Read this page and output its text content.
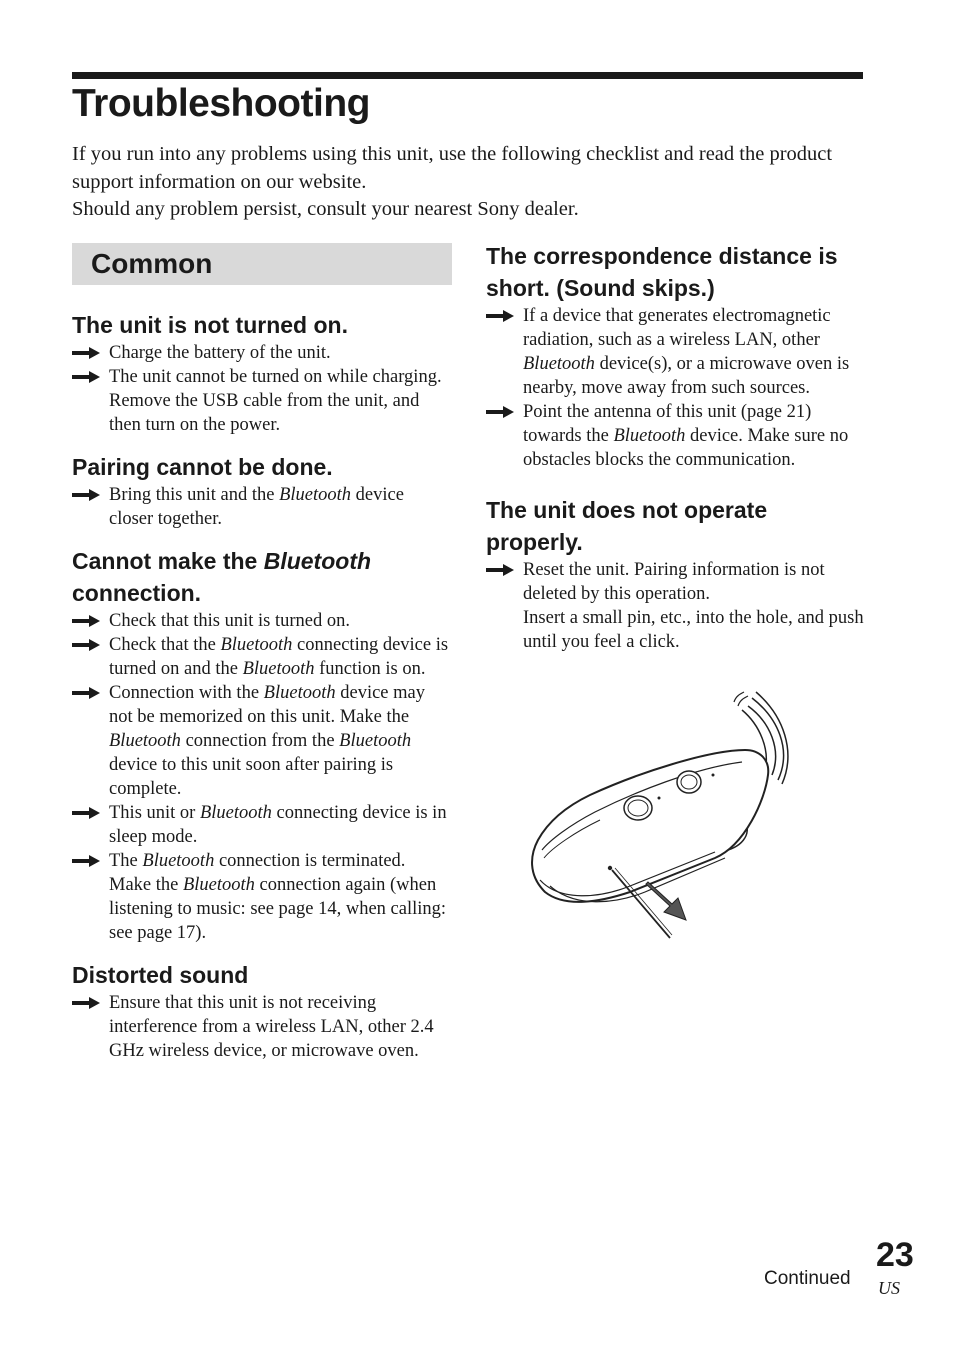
Troubleshooting

If you run into any problems using this unit, use the following checklist and read the product support information on our website.

Should any problem persist, consult your nearest Sony dealer.

Common
The unit is not turned on.
Charge the battery of the unit.
The unit cannot be turned on while charging. Remove the USB cable from the unit, and then turn on the power.
Pairing cannot be done.
Bring this unit and the Bluetooth device closer together.
Cannot make the Bluetooth connection.
Check that this unit is turned on.
Check that the Bluetooth connecting device is turned on and the Bluetooth function is on.
Connection with the Bluetooth device may not be memorized on this unit. Make the Bluetooth connection from the Bluetooth device to this unit soon after pairing is complete.
This unit or Bluetooth connecting device is in sleep mode.
The Bluetooth connection is terminated. Make the Bluetooth connection again (when listening to music: see page 14, when calling: see page 17).
Distorted sound
Ensure that this unit is not receiving interference from a wireless LAN, other 2.4 GHz wireless device, or microwave oven.
The correspondence distance is short. (Sound skips.)
If a device that generates electromagnetic radiation, such as a wireless LAN, other Bluetooth device(s), or a microwave oven is nearby, move away from such sources.
Point the antenna of this unit (page 21) towards the Bluetooth device. Make sure no obstacles blocks the communication.
The unit does not operate properly.
Reset the unit. Pairing information is not deleted by this operation.
Insert a small pin, etc., into the hole, and push until you feel a click.
Continued
23
US
